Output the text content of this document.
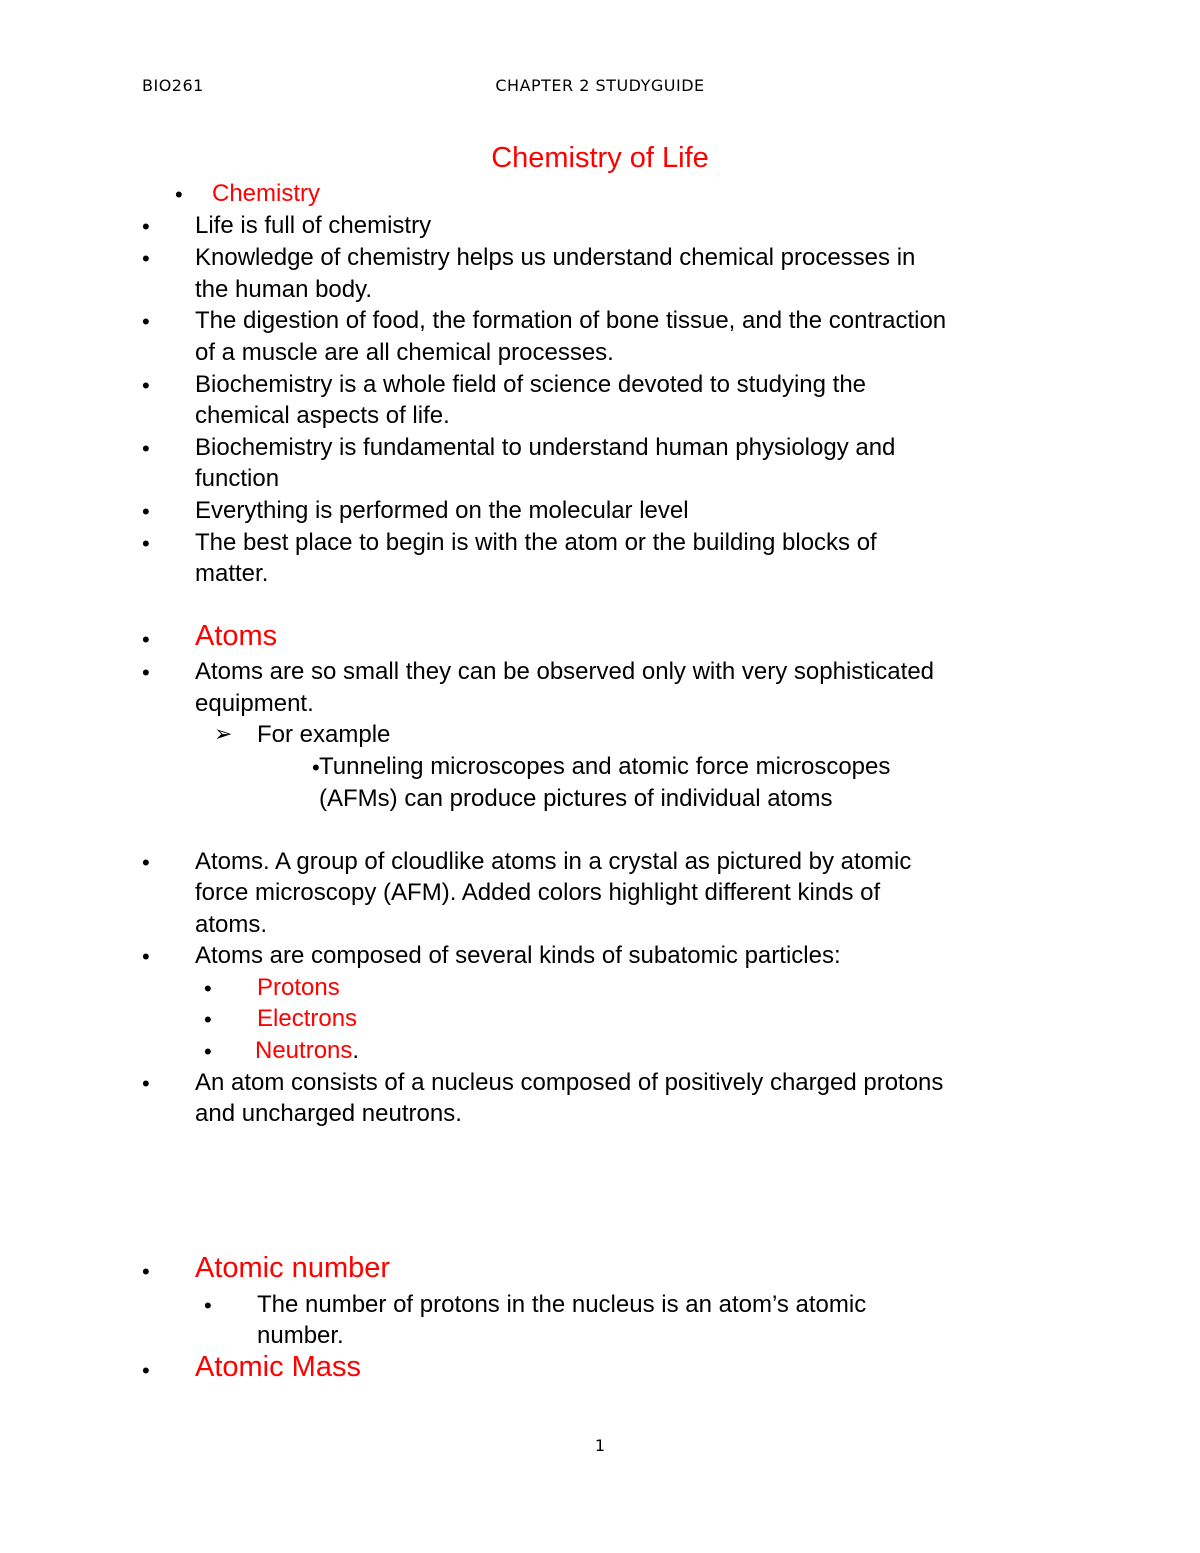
BIO261	CHAPTER 2 STUDYGUIDE
Chemistry of Life
• Chemistry
• Life is full of chemistry
• Knowledge of chemistry helps us understand chemical processes in
the human body.
• The digestion of food, the formation of bone tissue, and the contraction
of a muscle are all chemical processes.
• Biochemistry is a whole field of science devoted to studying the
chemical aspects of life.
• Biochemistry is fundamental to understand human physiology and
function
• Everything is performed on the molecular level
• The best place to begin is with the atom or the building blocks of
matter.
• Atoms
• Atoms are so small they can be observed only with very sophisticated
equipment.
➢ For example
• Tunneling microscopes and atomic force microscopes
(AFMs) can produce pictures of individual atoms
• Atoms. A group of cloudlike atoms in a crystal as pictured by atomic
force microscopy (AFM). Added colors highlight different kinds of
atoms.
• Atoms are composed of several kinds of subatomic particles:
• Protons
• Electrons
• Neutrons.
• An atom consists of a nucleus composed of positively charged protons
and uncharged neutrons.
• Atomic number
• The number of protons in the nucleus is an atom’s atomic
number.
• Atomic Mass
1
